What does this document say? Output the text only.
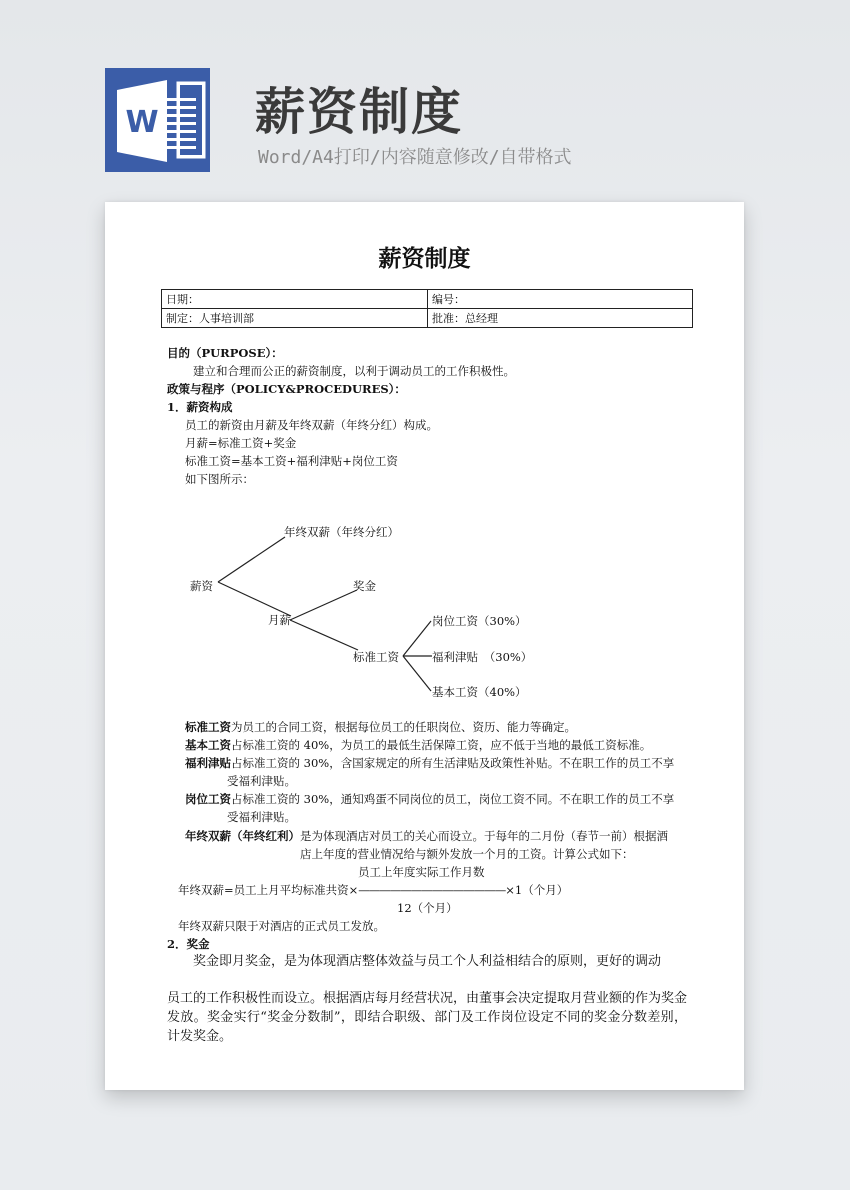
W 薪资制度
Word/A4打印/内容随意修改/自带格式
薪资制度
日期：	编号：
制定：人事培训部	批准：总经理
目的（PURPOSE）：
建立和合理而公正的薪资制度，以利于调动员工的工作积极性。
政策与程序（POLICY&PROCEDURES）：
1．薪资构成
员工的新资由月薪及年终双薪（年终分红）构成。
月薪=标准工资+奖金
标准工资=基本工资+福利津贴+岗位工资
如下图所示：
薪资
年终双薪（年终分红）
月薪
奖金
标准工资
岗位工资（30%）
福利津贴　（30%）
基本工资（40%）
标准工资为员工的合同工资，根据每位员工的任职岗位、资历、能力等确定。
基本工资占标准工资的 40%，为员工的最低生活保障工资，应不低于当地的最低工资标准。
福利津贴占标准工资的 30%，含国家规定的所有生活津贴及政策性补贴。不在职工作的员工不享
受福利津贴。
岗位工资占标准工资的 30%，通知鸡蛋不同岗位的员工，岗位工资不同。不在职工作的员工不享
受福利津贴。
年终双薪（年终红利）是为体现酒店对员工的关心而设立。于每年的二月份（春节一前）根据酒
店上年度的营业情况给与额外发放一个月的工资。计算公式如下：
员工上年度实际工作月数
年终双薪=员工上月平均标准共资×——————————————×1（个月）
12（个月）
年终双薪只限于对酒店的正式员工发放。
2．奖金
奖金即月奖金，是为体现酒店整体效益与员工个人利益相结合的原则，更好的调动
员工的工作积极性而设立。根据酒店每月经营状况，由董事会决定提取月营业额的作为奖金发放。奖金实行“奖金分数制”，即结合职级、部门及工作岗位设定不同的奖金分数差别，计发奖金。
